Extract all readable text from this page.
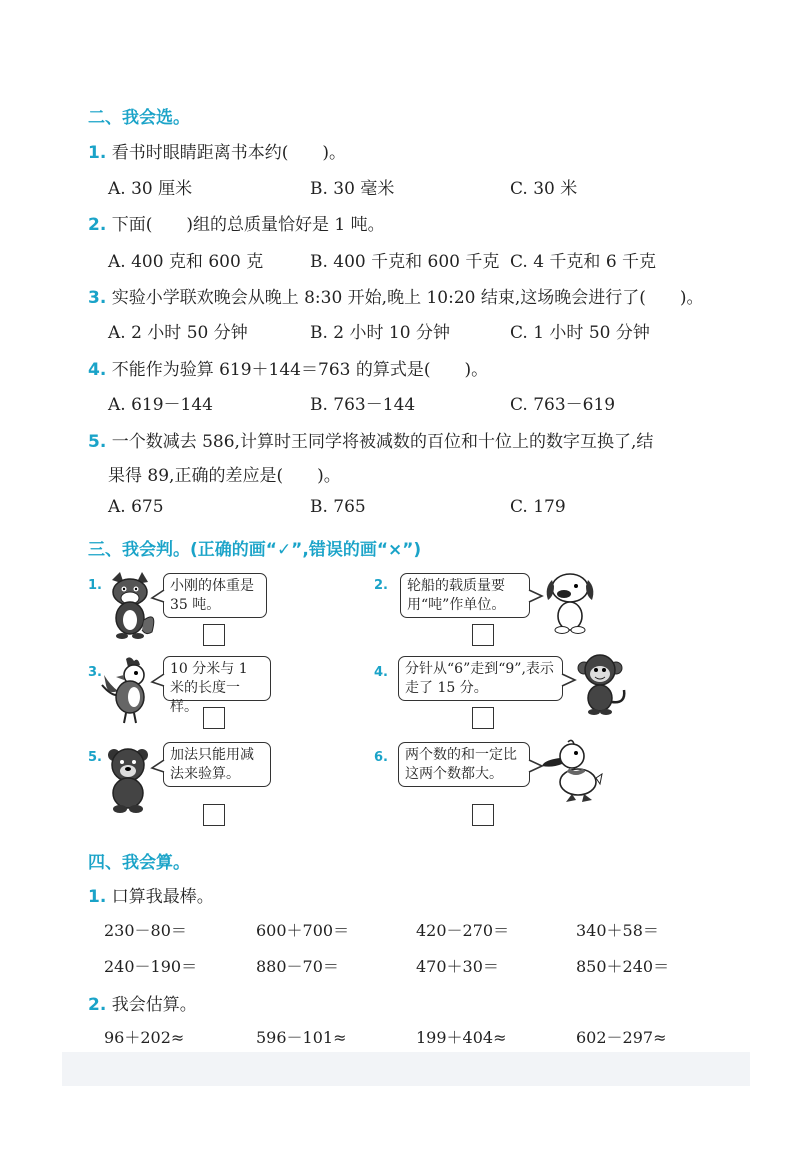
二、我会选。
1. 看书时眼睛距离书本约(　　)。
A. 30 厘米	B. 30 毫米	C. 30 米
2. 下面(　　)组的总质量恰好是 1 吨。
A. 400 克和 600 克	B. 400 千克和 600 千克 C. 4 千克和 6 千克
3. 实验小学联欢晚会从晚上 8:30 开始,晚上 10:20 结束,这场晚会进行了(　　)。
A. 2 小时 50 分钟	B. 2 小时 10 分钟	C. 1 小时 50 分钟
4. 不能作为验算 619＋144＝763 的算式是(　　)。
A. 619－144	B. 763－144	C. 763－619
5. 一个数减去 586,计算时王同学将被减数的百位和十位上的数字互换了,结
果得 89,正确的差应是(　　)。
A. 675	B. 765	C. 179
三、我会判。(正确的画“✓”,错误的画“×”)
1.	小刚的体重是35 吨。
2.	轮船的载质量要用“吨”作单位。
3.	10 分米与 1 米的长度一样。
4.	分针从“6”走到“9”,表示走了 15 分。
5.	加法只能用减法来验算。
6.	两个数的和一定比这两个数都大。
四、我会算。
1. 口算我最棒。
230－80＝	600＋700＝	420－270＝	340＋58＝
240－190＝	880－70＝	470＋30＝	850＋240＝
2. 我会估算。
96＋202≈	596－101≈	199＋404≈	602－297≈
